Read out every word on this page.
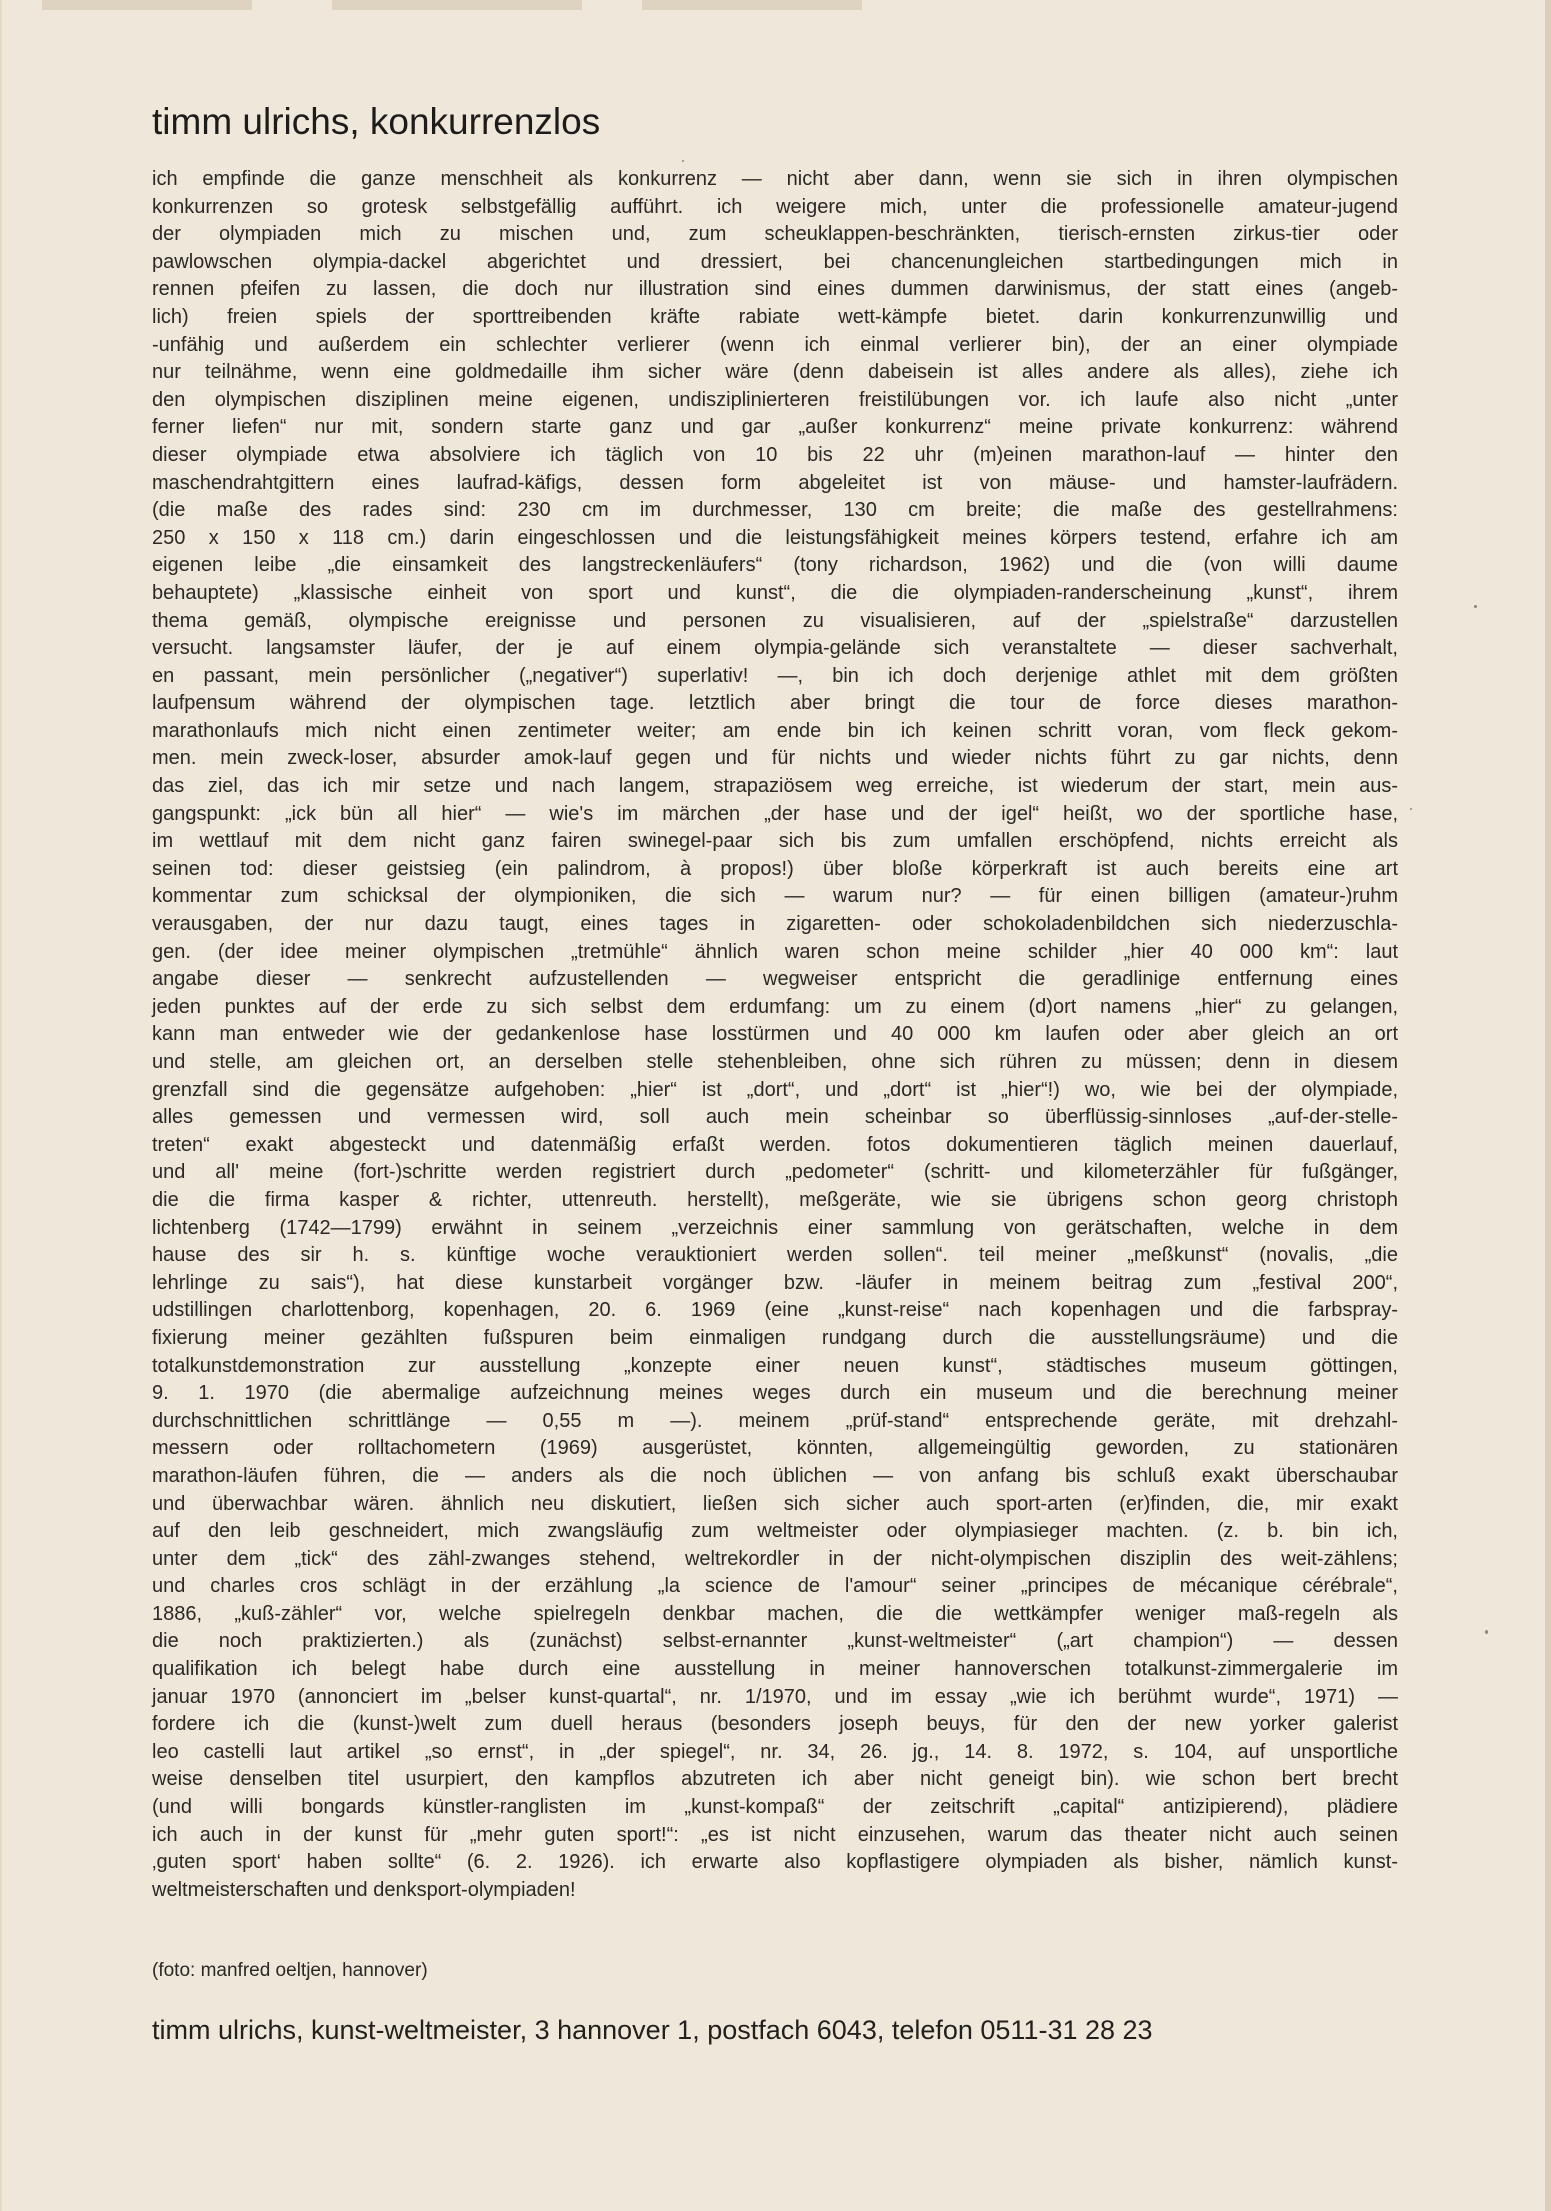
timm ulrichs, konkurrenzlos
ich empfinde die ganze menschheit als konkurrenz — nicht aber dann, wenn sie sich in ihren olympischen
konkurrenzen so grotesk selbstgefällig aufführt. ich weigere mich, unter die professionelle amateur-jugend
der olympiaden mich zu mischen und, zum scheuklappen-beschränkten, tierisch-ernsten zirkus-tier oder
pawlowschen olympia-dackel abgerichtet und dressiert, bei chancenungleichen startbedingungen mich in
rennen pfeifen zu lassen, die doch nur illustration sind eines dummen darwinismus, der statt eines (angeb-
lich) freien spiels der sporttreibenden kräfte rabiate wett-kämpfe bietet. darin konkurrenzunwillig und
-unfähig und außerdem ein schlechter verlierer (wenn ich einmal verlierer bin), der an einer olympiade
nur teilnähme, wenn eine goldmedaille ihm sicher wäre (denn dabeisein ist alles andere als alles), ziehe ich
den olympischen disziplinen meine eigenen, undisziplinierteren freistilübungen vor. ich laufe also nicht „unter
ferner liefen“ nur mit, sondern starte ganz und gar „außer konkurrenz“ meine private konkurrenz: während
dieser olympiade etwa absolviere ich täglich von 10 bis 22 uhr (m)einen marathon-lauf — hinter den
maschendrahtgittern eines laufrad-käfigs, dessen form abgeleitet ist von mäuse- und hamster-laufrädern.
(die maße des rades sind: 230 cm im durchmesser, 130 cm breite; die maße des gestellrahmens:
250 x 150 x 118 cm.) darin eingeschlossen und die leistungsfähigkeit meines körpers testend, erfahre ich am
eigenen leibe „die einsamkeit des langstreckenläufers“ (tony richardson, 1962) und die (von willi daume
behauptete) „klassische einheit von sport und kunst“, die die olympiaden-randerscheinung „kunst“, ihrem
thema gemäß, olympische ereignisse und personen zu visualisieren, auf der „spielstraße“ darzustellen
versucht. langsamster läufer, der je auf einem olympia-gelände sich veranstaltete — dieser sachverhalt,
en passant, mein persönlicher („negativer“) superlativ! —, bin ich doch derjenige athlet mit dem größten
laufpensum während der olympischen tage. letztlich aber bringt die tour de force dieses marathon-
marathonlaufs mich nicht einen zentimeter weiter; am ende bin ich keinen schritt voran, vom fleck gekom-
men. mein zweck-loser, absurder amok-lauf gegen und für nichts und wieder nichts führt zu gar nichts, denn
das ziel, das ich mir setze und nach langem, strapaziösem weg erreiche, ist wiederum der start, mein aus-
gangspunkt: „ick bün all hier“ — wie's im märchen „der hase und der igel“ heißt, wo der sportliche hase,
im wettlauf mit dem nicht ganz fairen swinegel-paar sich bis zum umfallen erschöpfend, nichts erreicht als
seinen tod: dieser geistsieg (ein palindrom, à propos!) über bloße körperkraft ist auch bereits eine art
kommentar zum schicksal der olympioniken, die sich — warum nur? — für einen billigen (amateur-)ruhm
verausgaben, der nur dazu taugt, eines tages in zigaretten- oder schokoladenbildchen sich niederzuschla-
gen. (der idee meiner olympischen „tretmühle“ ähnlich waren schon meine schilder „hier 40 000 km“: laut
angabe dieser — senkrecht aufzustellenden — wegweiser entspricht die geradlinige entfernung eines
jeden punktes auf der erde zu sich selbst dem erdumfang: um zu einem (d)ort namens „hier“ zu gelangen,
kann man entweder wie der gedankenlose hase losstürmen und 40 000 km laufen oder aber gleich an ort
und stelle, am gleichen ort, an derselben stelle stehenbleiben, ohne sich rühren zu müssen; denn in diesem
grenzfall sind die gegensätze aufgehoben: „hier“ ist „dort“, und „dort“ ist „hier“!) wo, wie bei der olympiade,
alles gemessen und vermessen wird, soll auch mein scheinbar so überflüssig-sinnloses „auf-der-stelle-
treten“ exakt abgesteckt und datenmäßig erfaßt werden. fotos dokumentieren täglich meinen dauerlauf,
und all' meine (fort-)schritte werden registriert durch „pedometer“ (schritt- und kilometerzähler für fußgänger,
die die firma kasper & richter, uttenreuth. herstellt), meßgeräte, wie sie übrigens schon georg christoph
lichtenberg (1742—1799) erwähnt in seinem „verzeichnis einer sammlung von gerätschaften, welche in dem
hause des sir h. s. künftige woche verauktioniert werden sollen“. teil meiner „meßkunst“ (novalis, „die
lehrlinge zu sais“), hat diese kunstarbeit vorgänger bzw. -läufer in meinem beitrag zum „festival 200“,
udstillingen charlottenborg, kopenhagen, 20. 6. 1969 (eine „kunst-reise“ nach kopenhagen und die farbspray-
fixierung meiner gezählten fußspuren beim einmaligen rundgang durch die ausstellungsräume) und die
totalkunstdemonstration zur ausstellung „konzepte einer neuen kunst“, städtisches museum göttingen,
9. 1. 1970 (die abermalige aufzeichnung meines weges durch ein museum und die berechnung meiner
durchschnittlichen schrittlänge — 0,55 m —). meinem „prüf-stand“ entsprechende geräte, mit drehzahl-
messern oder rolltachometern (1969) ausgerüstet, könnten, allgemeingültig geworden, zu stationären
marathon-läufen führen, die — anders als die noch üblichen — von anfang bis schluß exakt überschaubar
und überwachbar wären. ähnlich neu diskutiert, ließen sich sicher auch sport-arten (er)finden, die, mir exakt
auf den leib geschneidert, mich zwangsläufig zum weltmeister oder olympiasieger machten. (z. b. bin ich,
unter dem „tick“ des zähl-zwanges stehend, weltrekordler in der nicht-olympischen disziplin des weit-zählens;
und charles cros schlägt in der erzählung „la science de l'amour“ seiner „principes de mécanique cérébrale“,
1886, „kuß-zähler“ vor, welche spielregeln denkbar machen, die die wettkämpfer weniger maß-regeln als
die noch praktizierten.) als (zunächst) selbst-ernannter „kunst-weltmeister“ („art champion“) — dessen
qualifikation ich belegt habe durch eine ausstellung in meiner hannoverschen totalkunst-zimmergalerie im
januar 1970 (annonciert im „belser kunst-quartal“, nr. 1/1970, und im essay „wie ich berühmt wurde“, 1971) —
fordere ich die (kunst-)welt zum duell heraus (besonders joseph beuys, für den der new yorker galerist
leo castelli laut artikel „so ernst“, in „der spiegel“, nr. 34, 26. jg., 14. 8. 1972, s. 104, auf unsportliche
weise denselben titel usurpiert, den kampflos abzutreten ich aber nicht geneigt bin). wie schon bert brecht
(und willi bongards künstler-ranglisten im „kunst-kompaß“ der zeitschrift „capital“ antizipierend), plädiere
ich auch in der kunst für „mehr guten sport!“: „es ist nicht einzusehen, warum das theater nicht auch seinen
‚guten sport‘ haben sollte“ (6. 2. 1926). ich erwarte also kopflastigere olympiaden als bisher, nämlich kunst-
weltmeisterschaften und denksport-olympiaden!
(foto: manfred oeltjen, hannover)
timm ulrichs, kunst-weltmeister, 3 hannover 1, postfach 6043, telefon 0511-31 28 23
